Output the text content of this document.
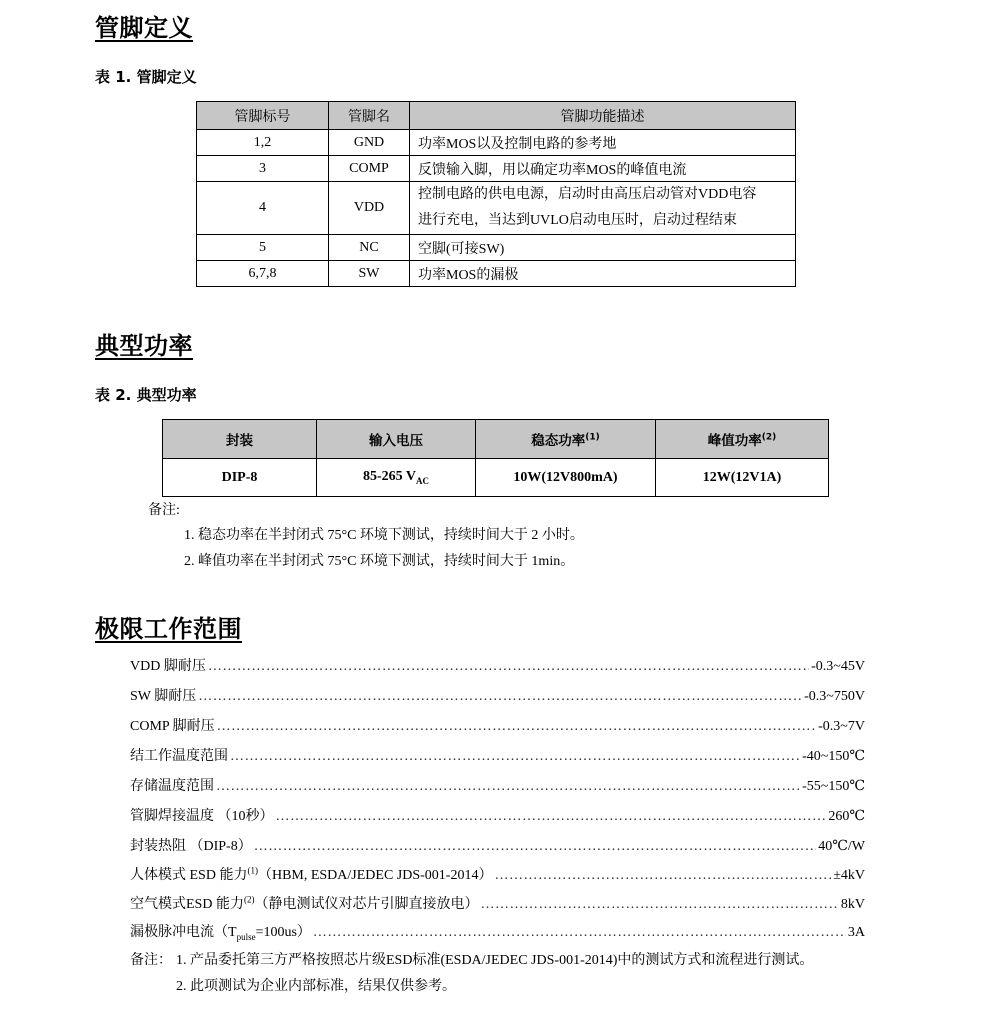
管脚定义
表 1. 管脚定义
管脚标号	管脚名	管脚功能描述
1,2	GND	功率MOS以及控制电路的参考地
3	COMP	反馈输入脚，用以确定功率MOS的峰值电流
4	VDD	控制电路的供电电源，启动时由高压启动管对VDD电容
进行充电，当达到UVLO启动电压时，启动过程结束

5	NC	空脚(可接SW)
6,7,8	SW	功率MOS的漏极
典型功率
表 2. 典型功率
封装	输入电压	稳态功率$^{(1)}$	峰值功率$^{(2)}$
DIP-8	85-265 $V_{AC}$	10W(12V800mA)	12W(12V1A)
备注:
1. 稳态功率在半封闭式 75°C 环境下测试，持续时间大于 2 小时。
2. 峰值功率在半封闭式 75°C 环境下测试，持续时间大于 1min。
极限工作范围
VDD 脚耐压 ……………………………………………………………………………………………………………………………………………………………………………………………	-0.3~45V
SW 脚耐压 ……………………………………………………………………………………………………………………………………………………………………………………………	-0.3~750V
COMP 脚耐压 ……………………………………………………………………………………………………………………………………………………………………………………………	-0.3~7V
结工作温度范围 ……………………………………………………………………………………………………………………………………………………………………………………………	-40~150℃
存储温度范围 ……………………………………………………………………………………………………………………………………………………………………………………………	-55~150℃
管脚焊接温度 （10秒） ……………………………………………………………………………………………………………………………………………………………………………………………	260℃
封装热阻 （DIP-8） ……………………………………………………………………………………………………………………………………………………………………………………………	40℃/W
人体模式 ESD 能力$^{(1)}$（HBM, ESDA/JEDEC JDS-001-2014） ……………………………………………………………………………………………………………………………………………………………………………………………	±4kV
空气模式ESD 能力$^{(2)}$（静电测试仪对芯片引脚直接放电） ……………………………………………………………………………………………………………………………………………………………………………………………	8kV
漏极脉冲电流$(T_{pulse}=100us)$ ……………………………………………………………………………………………………………………………………………………………………………………………	3A
备注： 1. 产品委托第三方严格按照芯片级ESD标准(ESDA/JEDEC JDS-001-2014)中的测试方式和流程进行测试。
2. 此项测试为企业内部标准，结果仅供参考。
